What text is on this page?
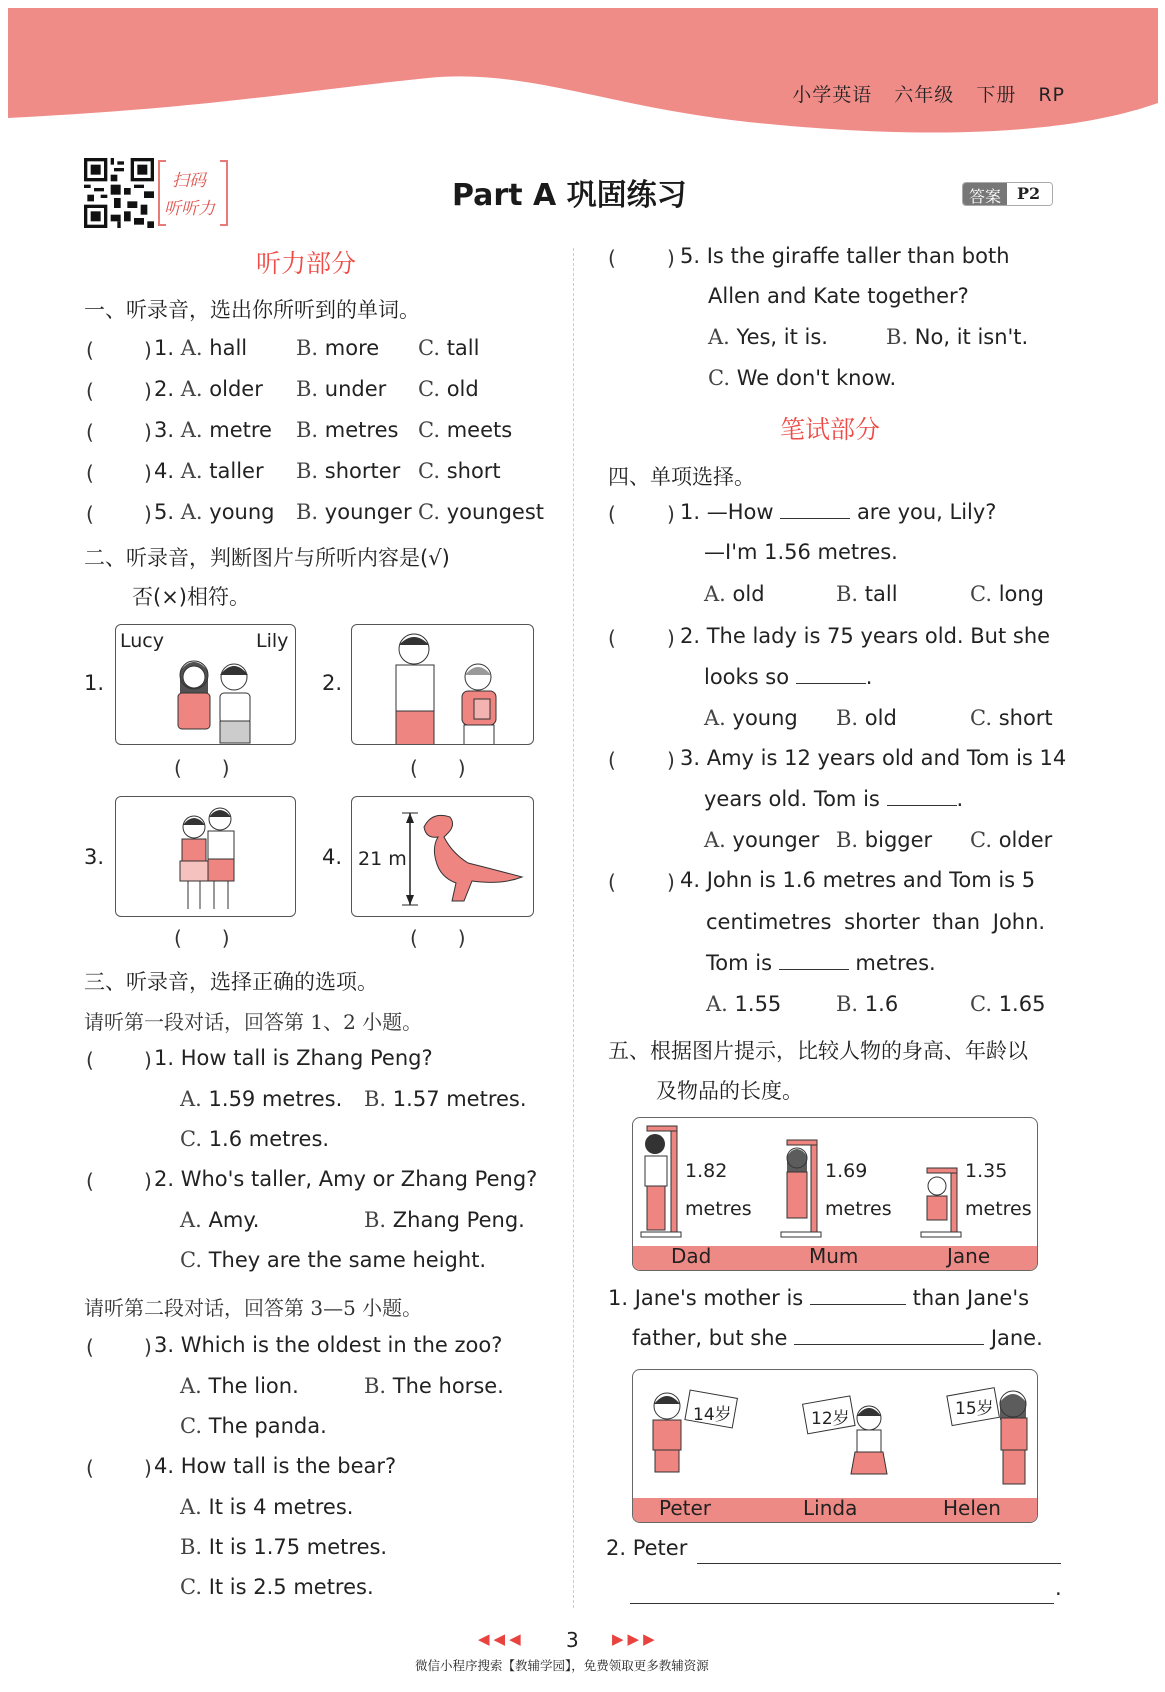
小学英语 六年级 下册 RP
扫码
听听力	Part A 巩固练习	答案	P2
听力部分
一、听录音，选出你所听到的单词。
(	) 1. A. hall B. more C. tall
(	) 2. A. older B. under C. old
(	) 3. A. metre B. metres C. meets
(	) 4. A. taller B. shorter C. short
(	) 5. A. young B. younger C. youngest
二、听录音，判断图片与所听内容是(√)
否(×)相符。
1.
Lucy	Lily
2.
(  )	(  )
3.	4. 21 m
(  )	(  )
三、听录音，选择正确的选项。
请听第一段对话，回答第 1、2 小题。
(	) 1. How tall is Zhang Peng?
A. 1.59 metres. B. 1.57 metres.
C. 1.6 metres.
(	) 2. Who's taller, Amy or Zhang Peng?
A. Amy.	B. Zhang Peng.
C. They are the same height.
请听第二段对话，回答第 3—5 小题。
(	) 3. Which is the oldest in the zoo?
A. The lion.	B. The horse.
C. The panda.
(	) 4. How tall is the bear?
A. It is 4 metres.
B. It is 1.75 metres.
C. It is 2.5 metres.
(	) 5. Is the giraffe taller than both
Allen and Kate together?
A. Yes, it is.	B. No, it isn't.
C. We don't know.
笔试部分
四、单项选择。
(	) 1. —How	are you, Lily?
—I'm 1.56 metres.
A. old	B. tall	C. long
(	) 2. The lady is 75 years old. But she
looks so	.
A. young B. old	C. short
(	) 3. Amy is 12 years old and Tom is 14
years old. Tom is	.
A. younger B. bigger C. older
(	) 4. John is 1.6 metres and Tom is 5
centimetres shorter than John.
Tom is	metres.
A. 1.55	B. 1.6	C. 1.65
五、根据图片提示，比较人物的身高、年龄以
及物品的长度。
1.82
metres
1.69
metres
1.35
metres
Dad	Mum	Jane
1. Jane's mother is	than Jane's
father, but she	Jane.
14岁	12岁	15岁
Peter	Linda	Helen
2. Peter
.
◀◀◀ 3 ▶▶▶
微信小程序搜索【教辅学园】，免费领取更多教辅资源
